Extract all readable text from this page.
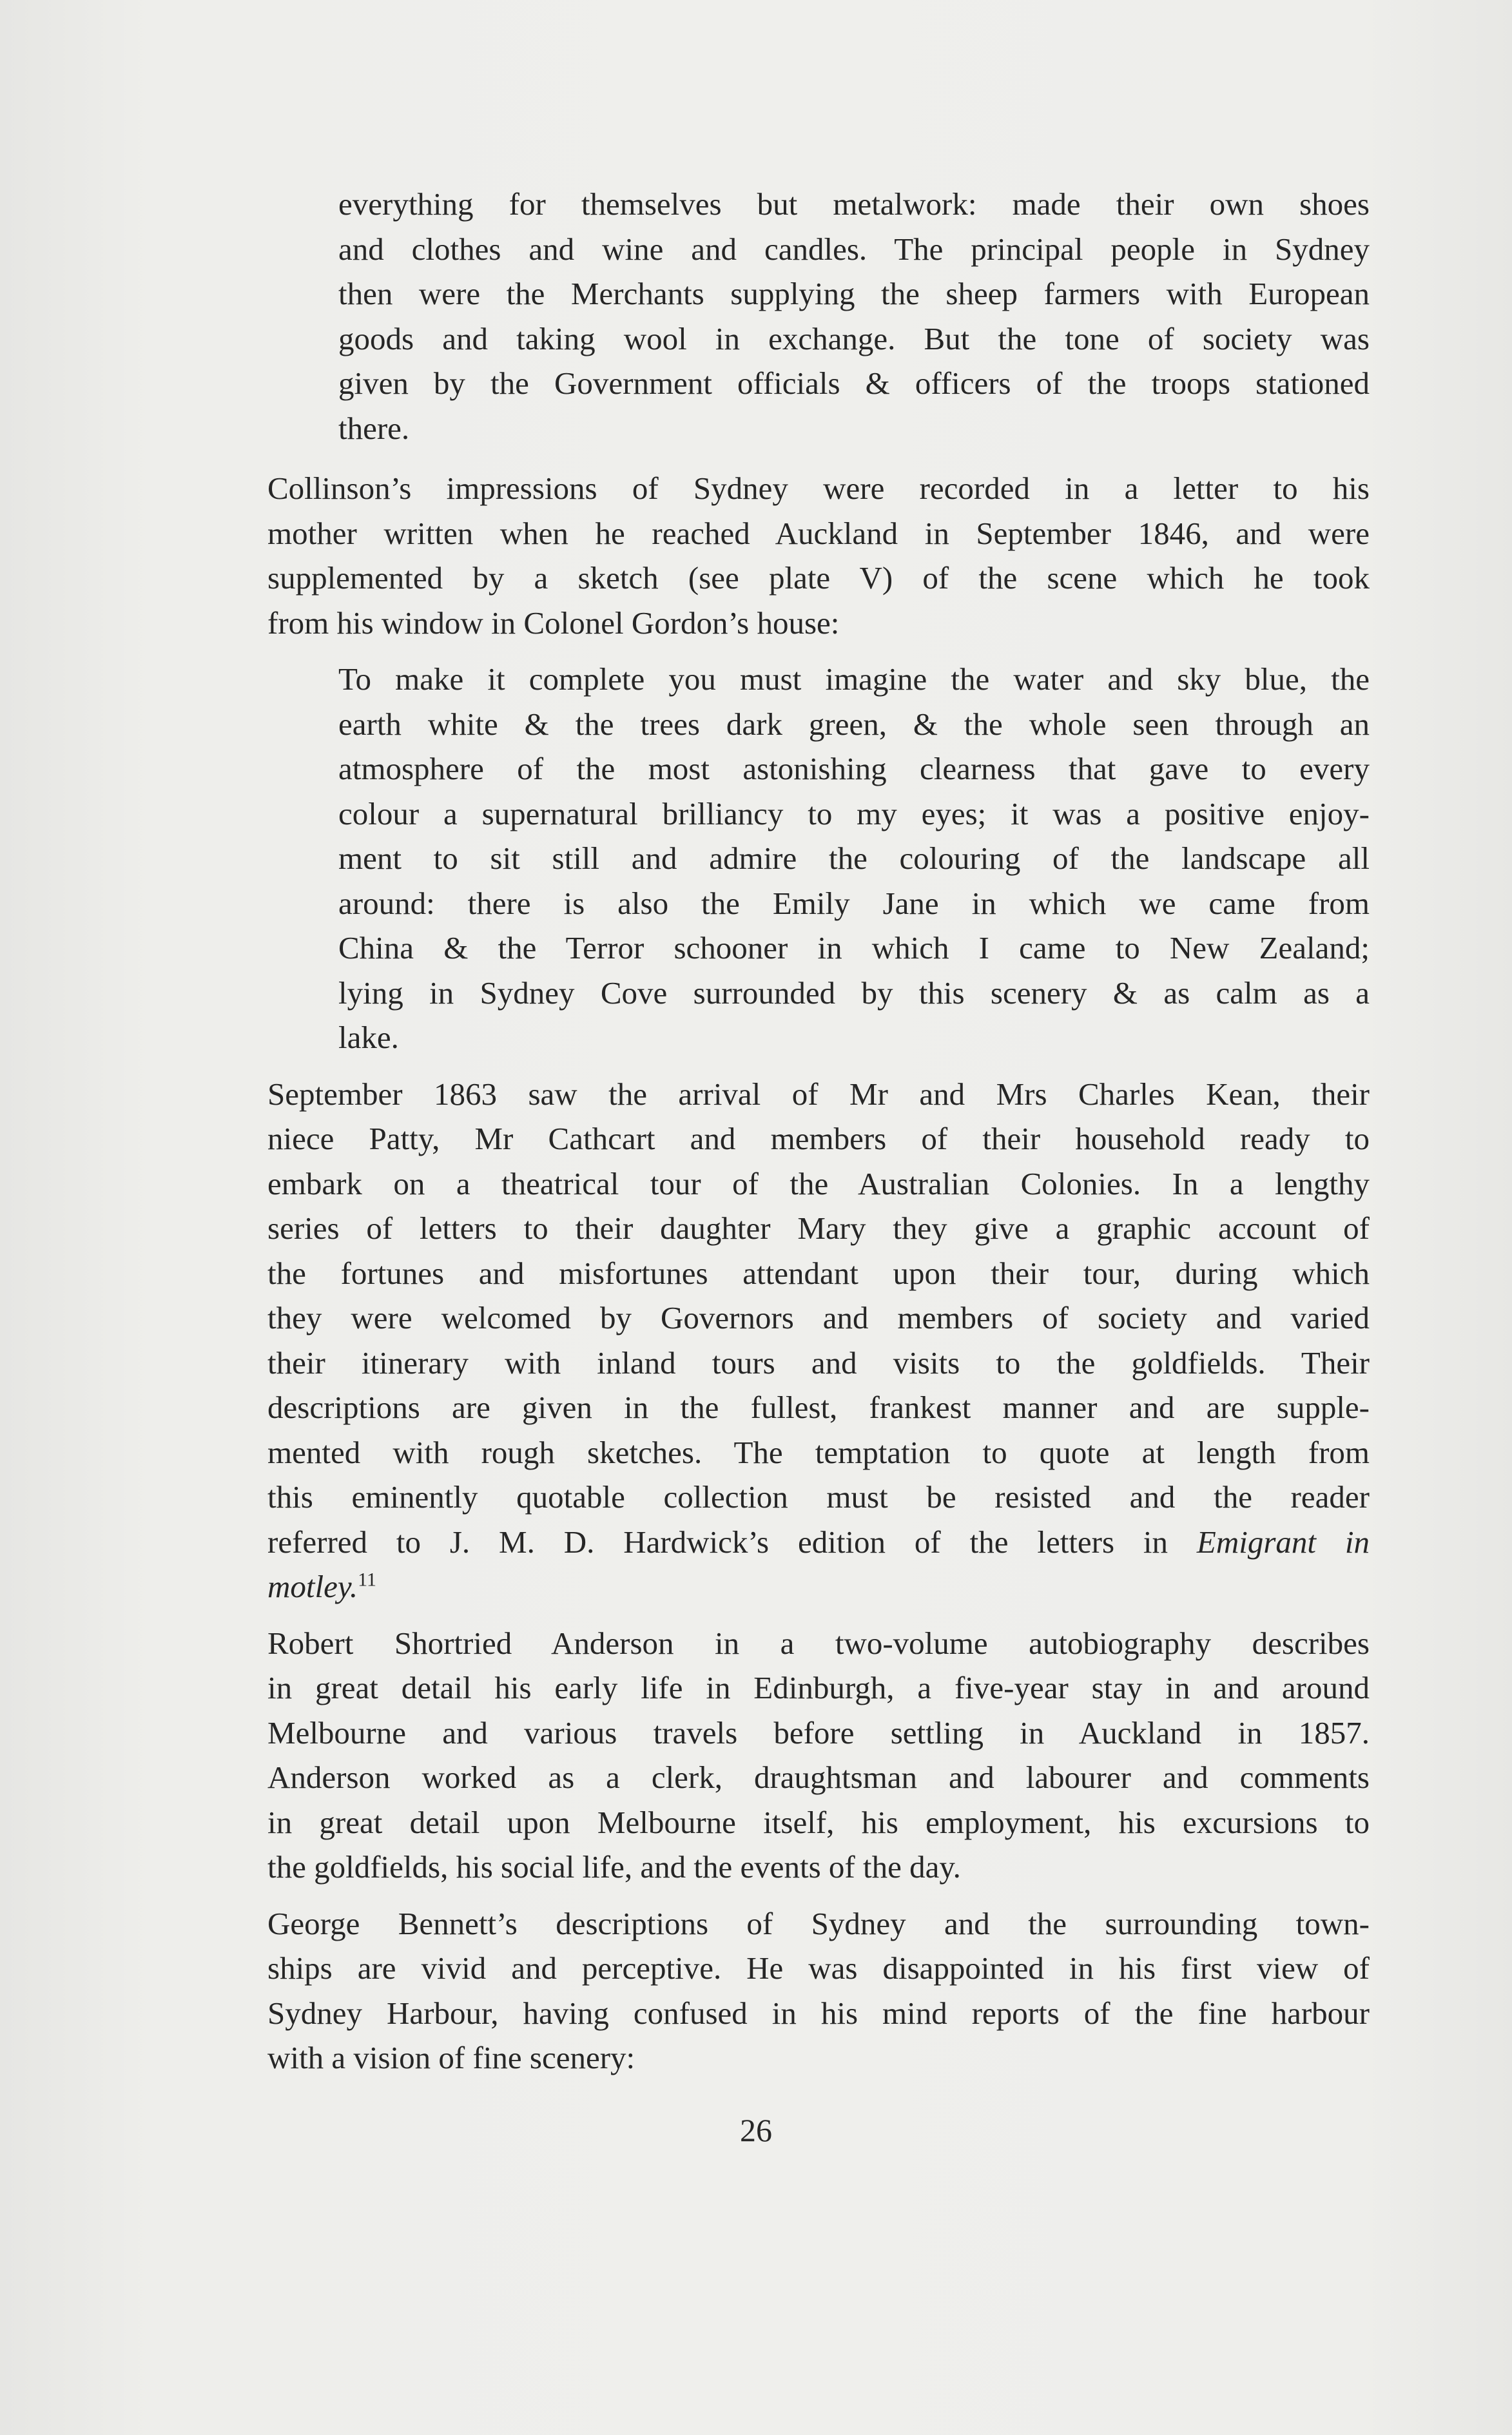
everything for themselves but metalwork: made their own shoes
and clothes and wine and candles. The principal people in Sydney
then were the Merchants supplying the sheep farmers with European
goods and taking wool in exchange. But the tone of society was
given by the Government officials & officers of the troops stationed
there.
Collinson’s impressions of Sydney were recorded in a letter to his
mother written when he reached Auckland in September 1846, and were
supplemented by a sketch (see plate V) of the scene which he took
from his window in Colonel Gordon’s house:
To make it complete you must imagine the water and sky blue, the
earth white & the trees dark green, & the whole seen through an
atmosphere of the most astonishing clearness that gave to every
colour a supernatural brilliancy to my eyes; it was a positive enjoy-
ment to sit still and admire the colouring of the landscape all
around: there is also the Emily Jane in which we came from
China & the Terror schooner in which I came to New Zealand;
lying in Sydney Cove surrounded by this scenery & as calm as a
lake.
September 1863 saw the arrival of Mr and Mrs Charles Kean, their
niece Patty, Mr Cathcart and members of their household ready to
embark on a theatrical tour of the Australian Colonies. In a lengthy
series of letters to their daughter Mary they give a graphic account of
the fortunes and misfortunes attendant upon their tour, during which
they were welcomed by Governors and members of society and varied
their itinerary with inland tours and visits to the goldfields. Their
descriptions are given in the fullest, frankest manner and are supple-
mented with rough sketches. The temptation to quote at length from
this eminently quotable collection must be resisted and the reader
referred to J. M. D. Hardwick’s edition of the letters in Emigrant in
motley.$^{11}$
Robert Shortried Anderson in a two-volume autobiography describes
in great detail his early life in Edinburgh, a five-year stay in and around
Melbourne and various travels before settling in Auckland in 1857.
Anderson worked as a clerk, draughtsman and labourer and comments
in great detail upon Melbourne itself, his employment, his excursions to
the goldfields, his social life, and the events of the day.
George Bennett’s descriptions of Sydney and the surrounding town-
ships are vivid and perceptive. He was disappointed in his first view of
Sydney Harbour, having confused in his mind reports of the fine harbour
with a vision of fine scenery:
26
